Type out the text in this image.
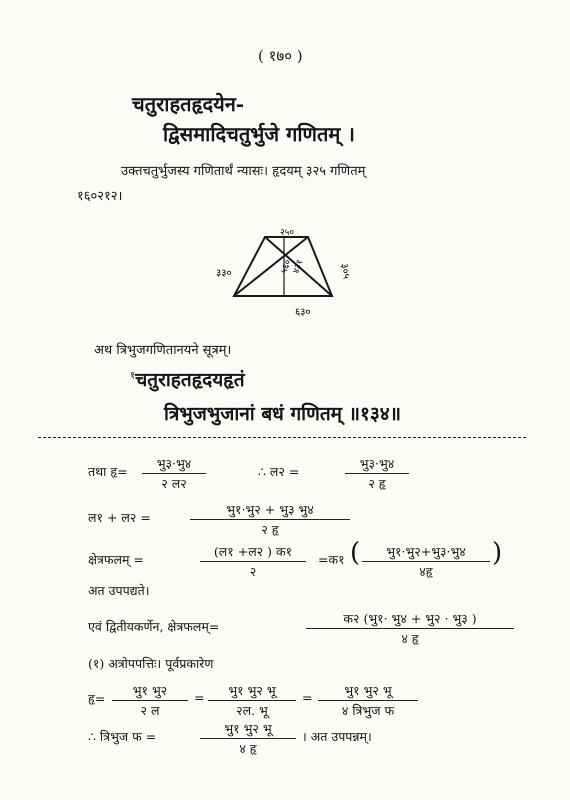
( १७० )
चतुराहतहृदयेन-
द्विसमादिचतुर्भुजे गणितम् ।
उक्तचतुर्भुजस्य गणितार्थं न्यासः। हृदयम् ३२५ गणितम्
१६०२१२।
२५०
६३०
३३०	३०५
५६०
४३१
अथ त्रिभुजगणितानयने सूत्रम्।
$^१$चतुराहतहृदयहृतं
त्रिभुजभुजानां बधं गणितम् ॥१३४॥
तथा हृ=
भु३·भु४
२ ल२
∴ ल२ =
भु३·भु४
२ हृ
ल१ + ल२ =
भु१·भु२ + भु३ भु४
२ हृ
क्षेत्रफलम् =
(ल१ +ल२ ) क१
२
=क१ (	भु१·भु२+भु३·भु४
४हृ
)
अत उपपद्यते।
एवं द्वितीयकर्णेन, क्षेत्रफलम्=
क२ (भु१· भु४ + भु२ · भु३ )
४ हृ
(१) अत्रोपपत्तिः। पूर्वप्रकारेण
हृ=
भु१ भु२
२ ल
=	भु१ भु२ भू
२ल. भू
=	भु१ भु२ भू
४ त्रिभुज फ
∴ त्रिभुज फ =
भु१ भु२ भू
४ हृ
। अत उपपन्नम्।
